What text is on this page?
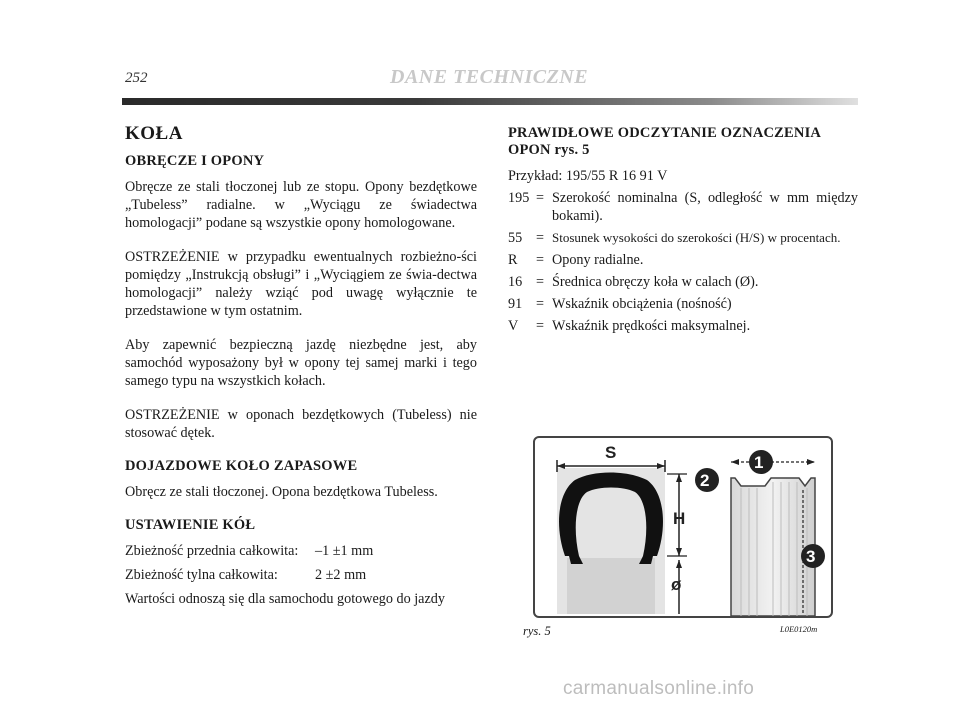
252	DANE TECHNICZNE
KOŁA
OBRĘCZE I OPONY

Obręcze ze stali tłoczonej lub ze stopu. Opony bezdętkowe „Tubeless” radialne. w „Wyciągu ze świadectwa homologacji” podane są wszystkie opony homologowane.

OSTRZEŻENIE w przypadku ewentualnych rozbieżno-ści pomiędzy „Instrukcją obsługi” i „Wyciągiem ze świa-dectwa homologacji” należy wziąć pod uwagę wyłącznie te przedstawione w tym ostatnim.

Aby zapewnić bezpieczną jazdę niezbędne jest, aby samochód wyposażony był w opony tej samej marki i tego samego typu na wszystkich kołach.

OSTRZEŻENIE w oponach bezdętkowych (Tubeless) nie stosować dętek.

DOJAZDOWE KOŁO ZAPASOWE

Obręcz ze stali tłoczonej. Opona bezdętkowa Tubeless.

USTAWIENIE KÓŁ
Zbieżność przednia całkowita:	–1 ±1 mm
Zbieżność tylna całkowita:	2 ±2 mm
Wartości odnoszą się dla samochodu gotowego do jazdy
PRAWIDŁOWE ODCZYTANIE OZNACZENIA
OPON rys. 5
Przykład: 195/55 R 16 91 V
195 = Szerokość nominalna (S, odległość w mm między bokami).
55 = Stosunek wysokości do szerokości (H/S) w procentach.
R	= Opony radialne.
16 = Średnica obręczy koła w calach (Ø).
91 = Wskaźnik obciążenia (nośność)
V	= Wskaźnik prędkości maksymalnej.
S
H
ø
1
2
3
rys. 5	L0E0120m
carmanualsonline.info
